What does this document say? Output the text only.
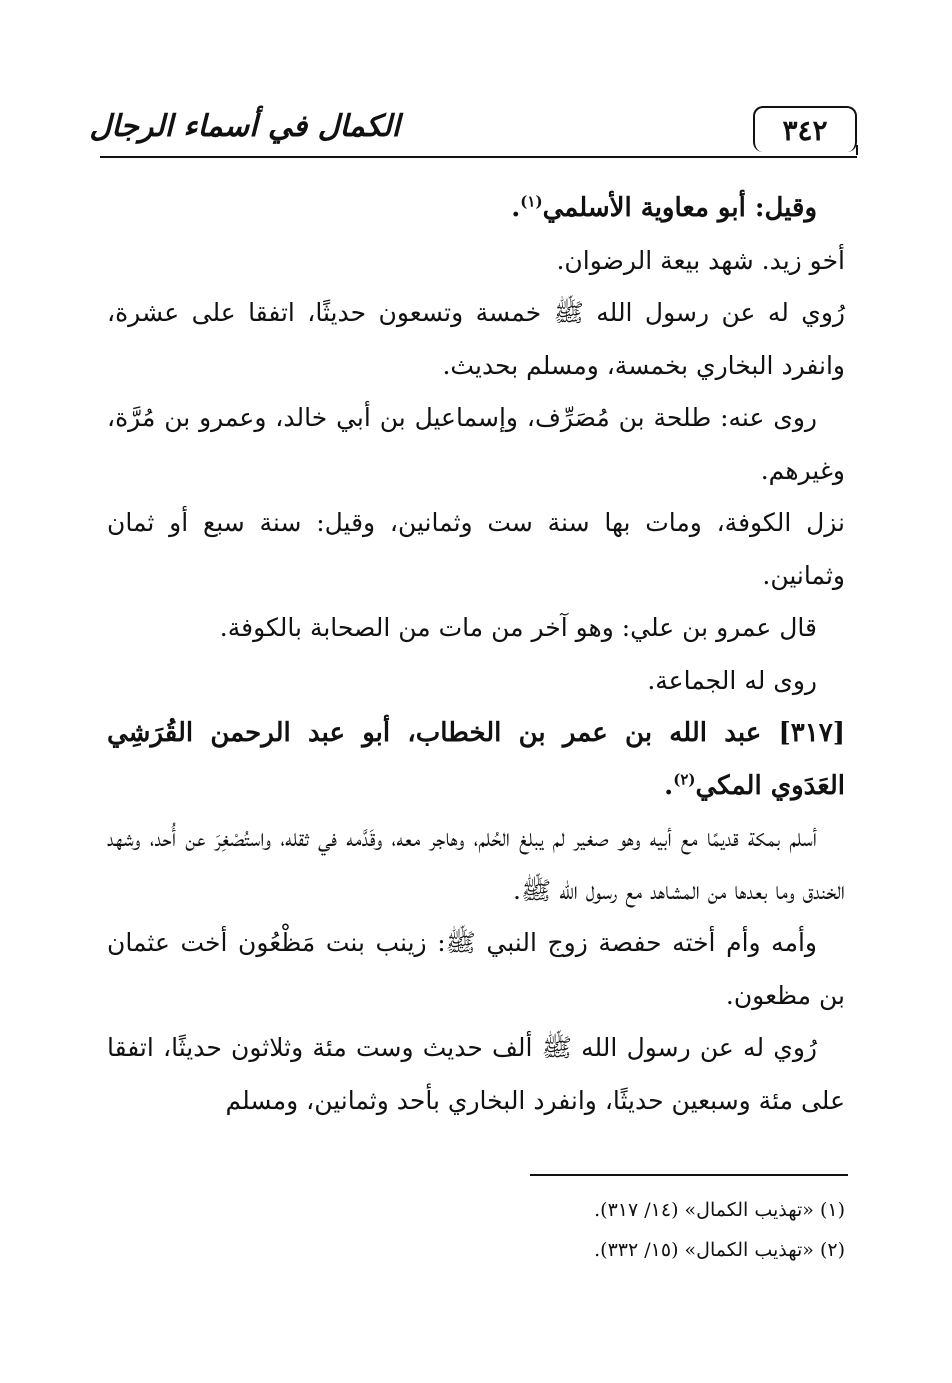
٣٤٢
الكمال في أسماء الرجال

وقيل: أبو معاوية الأسلمي$^{(١)}$.

أخو زيد. شهد بيعة الرضوان.

رُوي له عن رسول الله ﷺ خمسة وتسعون حديثًا، اتفقا على عشرة، وانفرد البخاري بخمسة، ومسلم بحديث.

روى عنه: طلحة بن مُصَرِّف، وإسماعيل بن أبي خالد، وعمرو بن مُرَّة، وغيرهم.

نزل الكوفة، ومات بها سنة ست وثمانين، وقيل: سنة سبع أو ثمان وثمانين.

قال عمرو بن علي: وهو آخر من مات من الصحابة بالكوفة.

روى له الجماعة.

[٣١٧] عبد الله بن عمر بن الخطاب، أبو عبد الرحمن القُرَشِي العَدَوي المكي$^{(٢)}$.

أسلم بمكة قديمًا مع أبيه وهو صغير لم يبلغ الحُلم، وهاجر معه، وقَدَّمه في ثقله، واستُصْغِرَ عن أُحد، وشهد الخندق وما بعدها من المشاهد مع رسول الله ﷺ.

وأمه وأم أخته حفصة زوج النبي ﷺ: زينب بنت مَظْعُون أخت عثمان بن مظعون.

رُوي له عن رسول الله ﷺ ألف حديث وست مئة وثلاثون حديثًا، اتفقا على مئة وسبعين حديثًا، وانفرد البخاري بأحد وثمانين، ومسلم

(١) «تهذيب الكمال» (١٤/ ٣١٧).

(٢) «تهذيب الكمال» (١٥/ ٣٣٢).
